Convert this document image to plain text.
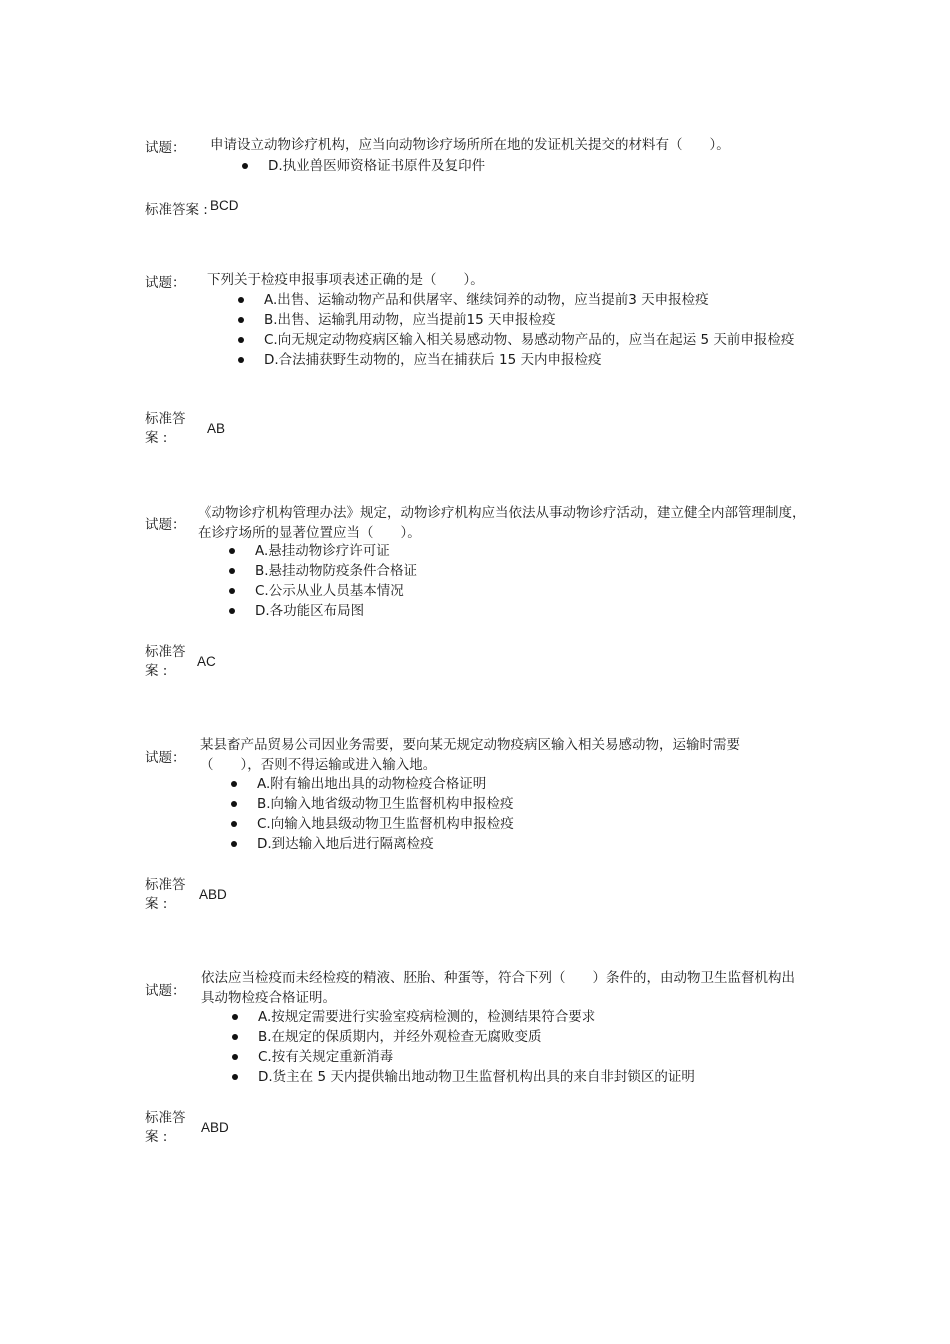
试题： 申请设立动物诊疗机构，应当向动物诊疗场所所在地的发证机关提交的材料有（　　）。
D.执业兽医师资格证书原件及复印件
标准答案 : BCD
试题： 下列关于检疫申报事项表述正确的是（　　）。
A.出售、运输动物产品和供屠宰、继续饲养的动物，应当提前3 天申报检疫
B.出售、运输乳用动物，应当提前15 天申报检疫
C.向无规定动物疫病区输入相关易感动物、易感动物产品的，应当在起运 5 天前申报检疫
D.合法捕获野生动物的，应当在捕获后 15 天内申报检疫
标准答
案 :
AB
试题：
《动物诊疗机构管理办法》规定，动物诊疗机构应当依法从事动物诊疗活动，建立健全内部管理制度，在诊疗场所的显著位置应当（　　）。
A.悬挂动物诊疗许可证
B.悬挂动物防疫条件合格证
C.公示从业人员基本情况
D.各功能区布局图
标准答
案 :
AC
试题：
某县畜产品贸易公司因业务需要，要向某无规定动物疫病区输入相关易感动物，运输时需要（　　），否则不得运输或进入输入地。
A.附有输出地出具的动物检疫合格证明
B.向输入地省级动物卫生监督机构申报检疫
C.向输入地县级动物卫生监督机构申报检疫
D.到达输入地后进行隔离检疫
标准答
案 :
ABD
试题：
依法应当检疫而未经检疫的精液、胚胎、种蛋等，符合下列（　　）条件的，由动物卫生监督机构出具动物检疫合格证明。
A.按规定需要进行实验室疫病检测的，检测结果符合要求
B.在规定的保质期内，并经外观检查无腐败变质
C.按有关规定重新消毒
D.货主在 5 天内提供输出地动物卫生监督机构出具的来自非封锁区的证明
标准答
案 :
ABD
